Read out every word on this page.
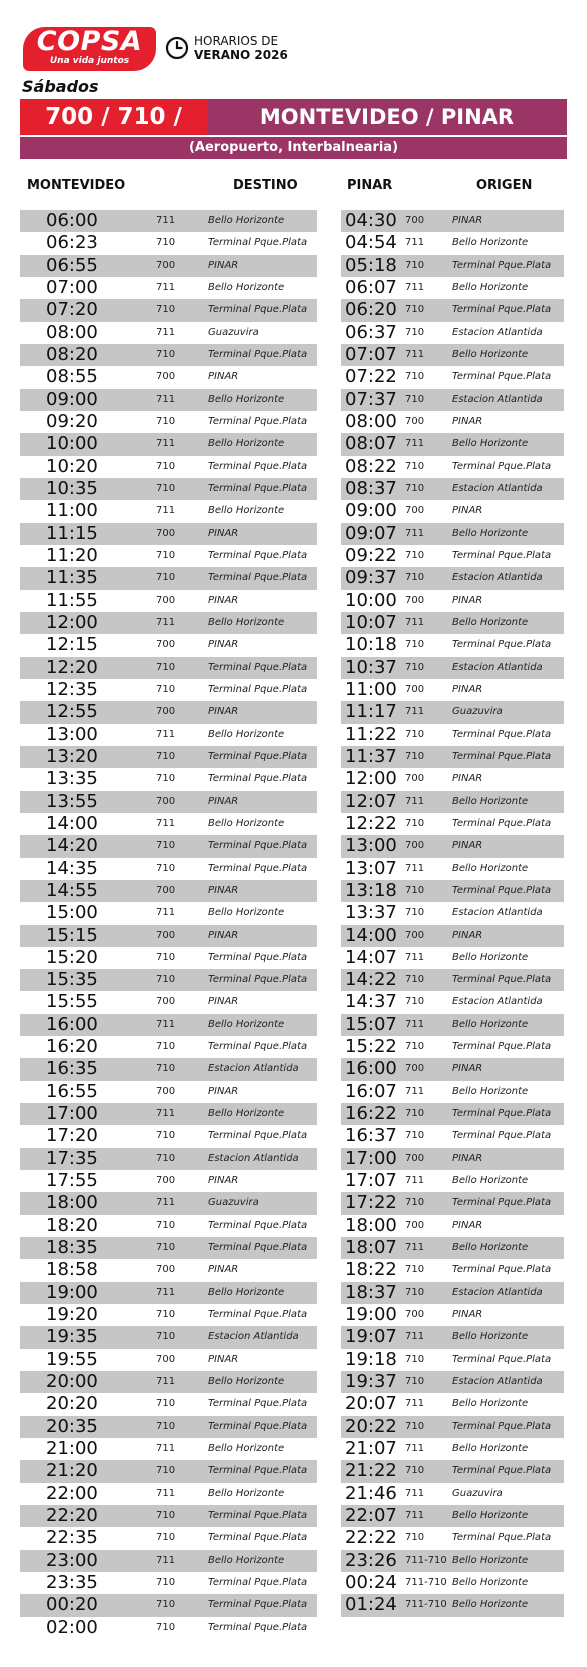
COPSA
Una vida juntos
HORARIOS DE
VERANO 2026
Sábados
700 / 710 /	MONTEVIDEO / PINAR
(Aeropuerto, Interbalnearia)
MONTEVIDEO	DESTINO	PINAR	ORIGEN
06:00	711	Bello Horizonte
06:23	710	Terminal Pque.Plata
06:55	700	PINAR
07:00	711	Bello Horizonte
07:20	710	Terminal Pque.Plata
08:00	711	Guazuvira
08:20	710	Terminal Pque.Plata
08:55	700	PINAR
09:00	711	Bello Horizonte
09:20	710	Terminal Pque.Plata
10:00	711	Bello Horizonte
10:20	710	Terminal Pque.Plata
10:35	710	Terminal Pque.Plata
11:00	711	Bello Horizonte
11:15	700	PINAR
11:20	710	Terminal Pque.Plata
11:35	710	Terminal Pque.Plata
11:55	700	PINAR
12:00	711	Bello Horizonte
12:15	700	PINAR
12:20	710	Terminal Pque.Plata
12:35	710	Terminal Pque.Plata
12:55	700	PINAR
13:00	711	Bello Horizonte
13:20	710	Terminal Pque.Plata
13:35	710	Terminal Pque.Plata
13:55	700	PINAR
14:00	711	Bello Horizonte
14:20	710	Terminal Pque.Plata
14:35	710	Terminal Pque.Plata
14:55	700	PINAR
15:00	711	Bello Horizonte
15:15	700	PINAR
15:20	710	Terminal Pque.Plata
15:35	710	Terminal Pque.Plata
15:55	700	PINAR
16:00	711	Bello Horizonte
16:20	710	Terminal Pque.Plata
16:35	710	Estacion Atlantida
16:55	700	PINAR
17:00	711	Bello Horizonte
17:20	710	Terminal Pque.Plata
17:35	710	Estacion Atlantida
17:55	700	PINAR
18:00	711	Guazuvira
18:20	710	Terminal Pque.Plata
18:35	710	Terminal Pque.Plata
18:58	700	PINAR
19:00	711	Bello Horizonte
19:20	710	Terminal Pque.Plata
19:35	710	Estacion Atlantida
19:55	700	PINAR
20:00	711	Bello Horizonte
20:20	710	Terminal Pque.Plata
20:35	710	Terminal Pque.Plata
21:00	711	Bello Horizonte
21:20	710	Terminal Pque.Plata
22:00	711	Bello Horizonte
22:20	710	Terminal Pque.Plata
22:35	710	Terminal Pque.Plata
23:00	711	Bello Horizonte
23:35	710	Terminal Pque.Plata
00:20	710	Terminal Pque.Plata
02:00	710	Terminal Pque.Plata
04:30 700	PINAR
04:54 711	Bello Horizonte
05:18 710	Terminal Pque.Plata
06:07 711	Bello Horizonte
06:20 710	Terminal Pque.Plata
06:37 710	Estacion Atlantida
07:07 711	Bello Horizonte
07:22 710	Terminal Pque.Plata
07:37 710	Estacion Atlantida
08:00 700	PINAR
08:07 711	Bello Horizonte
08:22 710	Terminal Pque.Plata
08:37 710	Estacion Atlantida
09:00 700	PINAR
09:07 711	Bello Horizonte
09:22 710	Terminal Pque.Plata
09:37 710	Estacion Atlantida
10:00 700	PINAR
10:07 711	Bello Horizonte
10:18 710	Terminal Pque.Plata
10:37 710	Estacion Atlantida
11:00 700	PINAR
11:17 711	Guazuvira
11:22 710	Terminal Pque.Plata
11:37 710	Terminal Pque.Plata
12:00 700	PINAR
12:07 711	Bello Horizonte
12:22 710	Terminal Pque.Plata
13:00 700	PINAR
13:07 711	Bello Horizonte
13:18 710	Terminal Pque.Plata
13:37 710	Estacion Atlantida
14:00 700	PINAR
14:07 711	Bello Horizonte
14:22 710	Terminal Pque.Plata
14:37 710	Estacion Atlantida
15:07 711	Bello Horizonte
15:22 710	Terminal Pque.Plata
16:00 700	PINAR
16:07 711	Bello Horizonte
16:22 710	Terminal Pque.Plata
16:37 710	Terminal Pque.Plata
17:00 700	PINAR
17:07 711	Bello Horizonte
17:22 710	Terminal Pque.Plata
18:00 700	PINAR
18:07 711	Bello Horizonte
18:22 710	Terminal Pque.Plata
18:37 710	Estacion Atlantida
19:00 700	PINAR
19:07 711	Bello Horizonte
19:18 710	Terminal Pque.Plata
19:37 710	Estacion Atlantida
20:07 711	Bello Horizonte
20:22 710	Terminal Pque.Plata
21:07 711	Bello Horizonte
21:22 710	Terminal Pque.Plata
21:46 711	Guazuvira
22:07 711	Bello Horizonte
22:22 710	Terminal Pque.Plata
23:26 711-710 Bello Horizonte
00:24 711-710 Bello Horizonte
01:24 711-710 Bello Horizonte
